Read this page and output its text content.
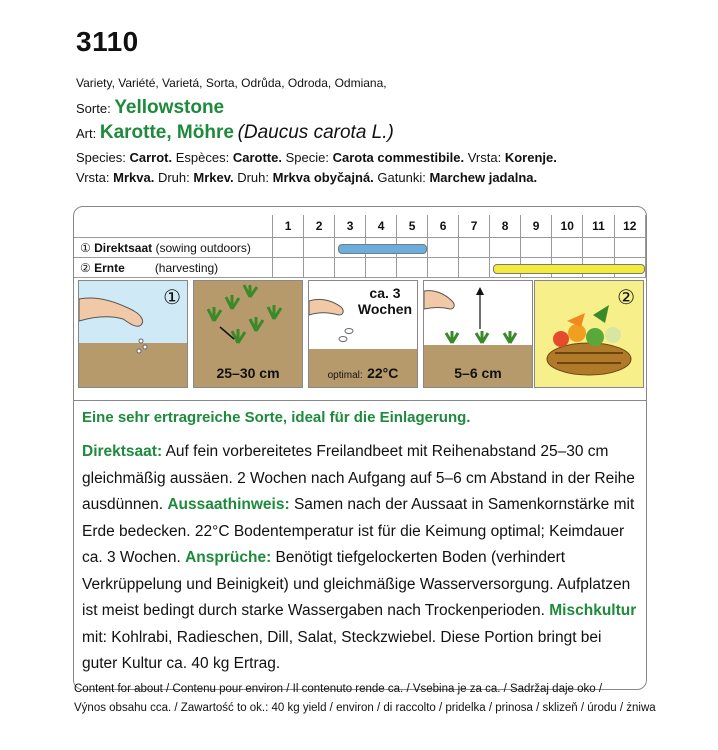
3110
Variety, Variété, Varietá, Sorta, Odrůda, Odroda, Odmiana,
Sorte: Yellowstone
Art: Karotte, Möhre (Daucus carota L.)
Species: Carrot. Espèces: Carotte. Specie: Carota commestibile. Vrsta: Korenje.
Vrsta: Mrkva. Druh: Mrkev. Druh: Mrkva obyčajná. Gatunki: Marchew jadalna.
	1	2	3	4	5	6	7	8	9	10	11	12
① Direktsaat (sowing outdoors)												
② Ernte (harvesting)												
①
25–30 cm
ca. 3
Wochen
optimal: 22°C	5–6 cm
②
Eine sehr ertragreiche Sorte, ideal für die Einlagerung.
Direktsaat: Auf fein vorbereitetes Freilandbeet mit Reihenabstand 25–30 cm gleichmäßig aussäen. 2 Wochen nach Aufgang auf 5–6 cm Abstand in der Reihe ausdünnen. Aussaathinweis: Samen nach der Aussaat in Samenkornstärke mit Erde bedecken. 22°C Bodentemperatur ist für die Keimung optimal; Keimdauer ca. 3 Wochen. Ansprüche: Benötigt tiefgelockerten Boden (verhindert Verkrüppelung und Beinigkeit) und gleichmäßige Wasserversorgung. Aufplatzen ist meist bedingt durch starke Wassergaben nach Trockenperioden. Mischkultur mit: Kohlrabi, Radieschen, Dill, Salat, Steckzwiebel. Diese Portion bringt bei guter Kultur ca. 40 kg Ertrag.
Content for about / Contenu pour environ / Il contenuto rende ca. / Vsebina je za ca. / Sadržaj daje oko /
Výnos obsahu cca. / Zawartość to ok.: 40 kg yield / environ / di raccolto / pridelka / prinosa / sklizeň / úrodu / żniwa
